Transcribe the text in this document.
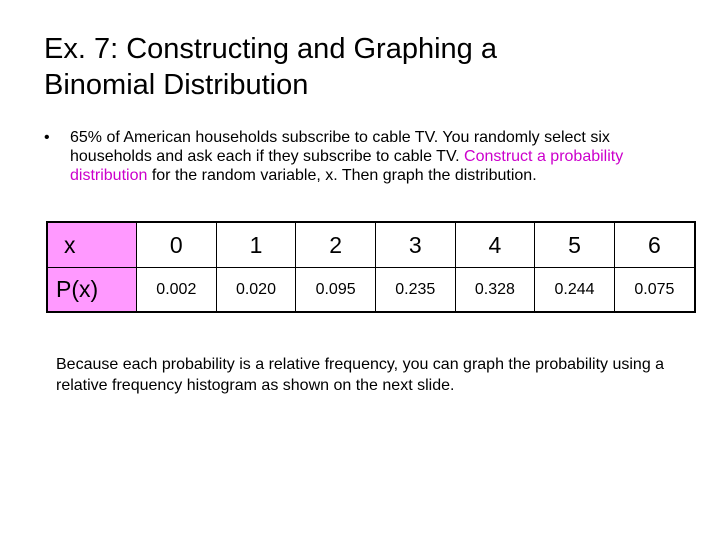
Ex. 7: Constructing and Graphing a
Binomial Distribution
• 65% of American households subscribe to cable TV. You randomly select six households and ask each if they subscribe to cable TV. Construct a probability distribution for the random variable, x. Then graph the distribution.
x	0	1	2	3	4	5	6
P(x)	0.002	0.020	0.095	0.235	0.328	0.244	0.075

Because each probability is a relative frequency, you can graph the probability using a relative frequency histogram as shown on the next slide.
